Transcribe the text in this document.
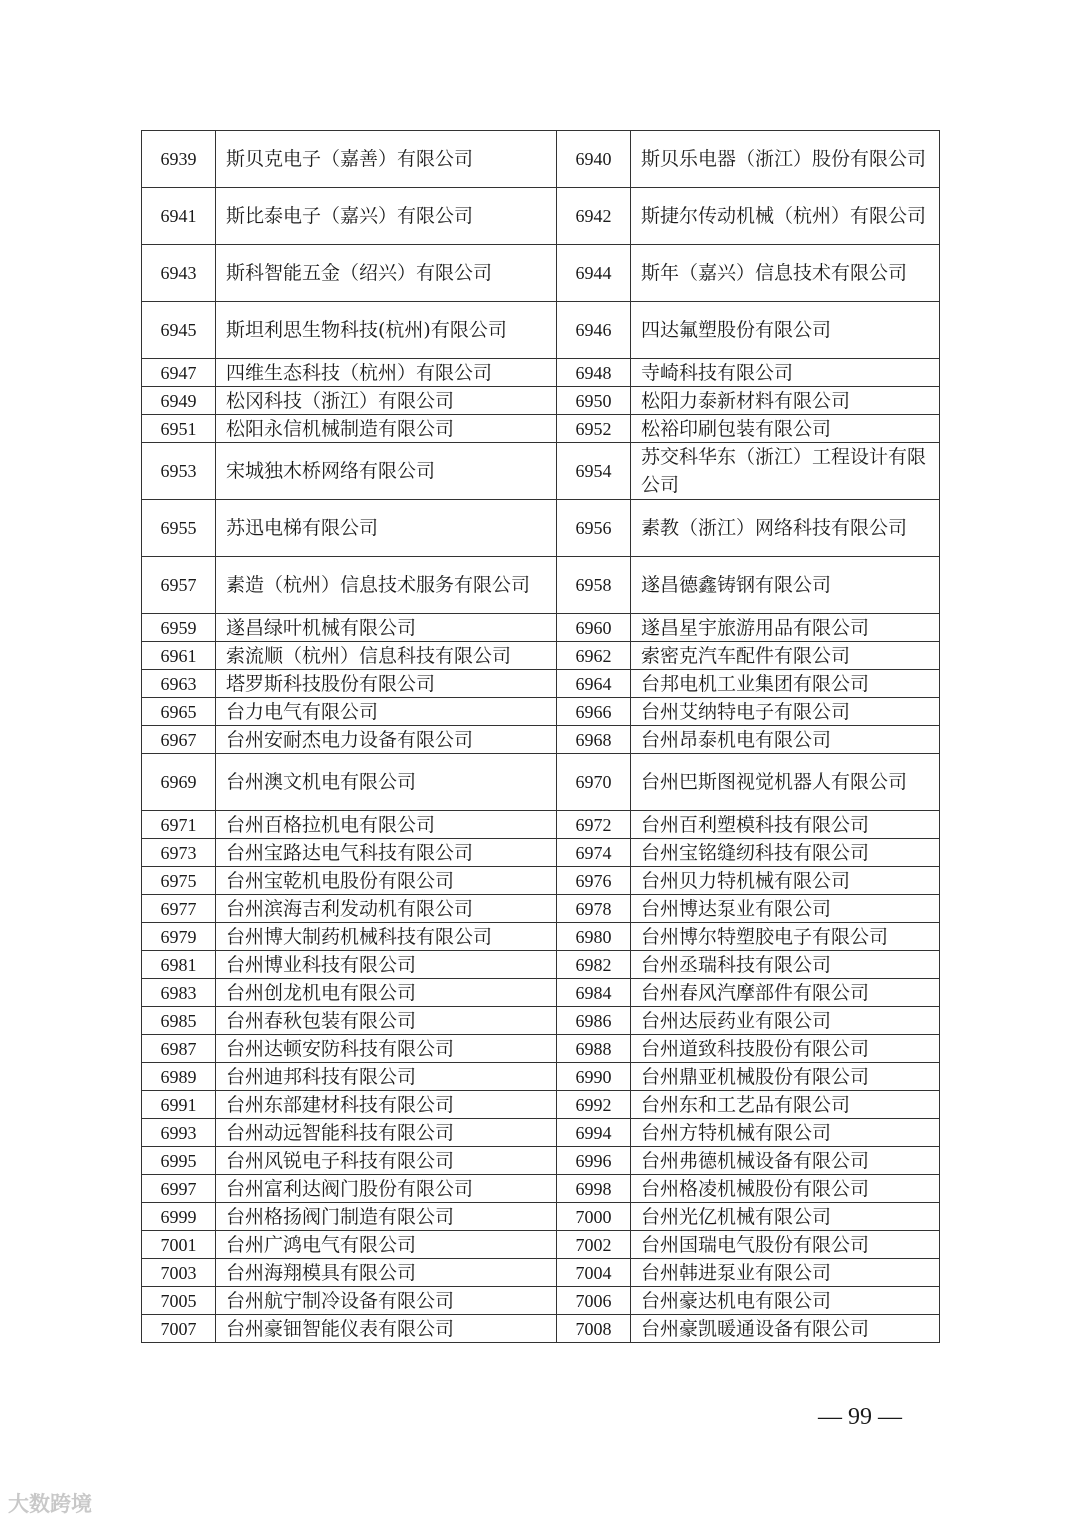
6939	斯贝克电子（嘉善）有限公司	6940	斯贝乐电器（浙江）股份有限公司
6941	斯比泰电子（嘉兴）有限公司	6942	斯捷尔传动机械（杭州）有限公司
6943	斯科智能五金（绍兴）有限公司	6944	斯年（嘉兴）信息技术有限公司
6945	斯坦利思生物科技(杭州)有限公司	6946	四达氟塑股份有限公司
6947	四维生态科技（杭州）有限公司	6948	寺崎科技有限公司
6949	松冈科技（浙江）有限公司	6950	松阳力泰新材料有限公司
6951	松阳永信机械制造有限公司	6952	松裕印刷包装有限公司
6953	宋城独木桥网络有限公司	6954	苏交科华东（浙江）工程设计有限公司
6955	苏迅电梯有限公司	6956	素教（浙江）网络科技有限公司
6957	素造（杭州）信息技术服务有限公司	6958	遂昌德鑫铸钢有限公司
6959	遂昌绿叶机械有限公司	6960	遂昌星宇旅游用品有限公司
6961	索流顺（杭州）信息科技有限公司	6962	索密克汽车配件有限公司
6963	塔罗斯科技股份有限公司	6964	台邦电机工业集团有限公司
6965	台力电气有限公司	6966	台州艾纳特电子有限公司
6967	台州安耐杰电力设备有限公司	6968	台州昂泰机电有限公司
6969	台州澳文机电有限公司	6970	台州巴斯图视觉机器人有限公司
6971	台州百格拉机电有限公司	6972	台州百利塑模科技有限公司
6973	台州宝路达电气科技有限公司	6974	台州宝铭缝纫科技有限公司
6975	台州宝乾机电股份有限公司	6976	台州贝力特机械有限公司
6977	台州滨海吉利发动机有限公司	6978	台州博达泵业有限公司
6979	台州博大制药机械科技有限公司	6980	台州博尔特塑胶电子有限公司
6981	台州博业科技有限公司	6982	台州丞瑞科技有限公司
6983	台州创龙机电有限公司	6984	台州春风汽摩部件有限公司
6985	台州春秋包装有限公司	6986	台州达辰药业有限公司
6987	台州达顿安防科技有限公司	6988	台州道致科技股份有限公司
6989	台州迪邦科技有限公司	6990	台州鼎亚机械股份有限公司
6991	台州东部建材科技有限公司	6992	台州东和工艺品有限公司
6993	台州动远智能科技有限公司	6994	台州方特机械有限公司
6995	台州风锐电子科技有限公司	6996	台州弗德机械设备有限公司
6997	台州富利达阀门股份有限公司	6998	台州格凌机械股份有限公司
6999	台州格扬阀门制造有限公司	7000	台州光亿机械有限公司
7001	台州广鸿电气有限公司	7002	台州国瑞电气股份有限公司
7003	台州海翔模具有限公司	7004	台州韩进泵业有限公司
7005	台州航宁制冷设备有限公司	7006	台州豪达机电有限公司
7007	台州豪钿智能仪表有限公司	7008	台州豪凯暖通设备有限公司
— 99 —
大数跨境
